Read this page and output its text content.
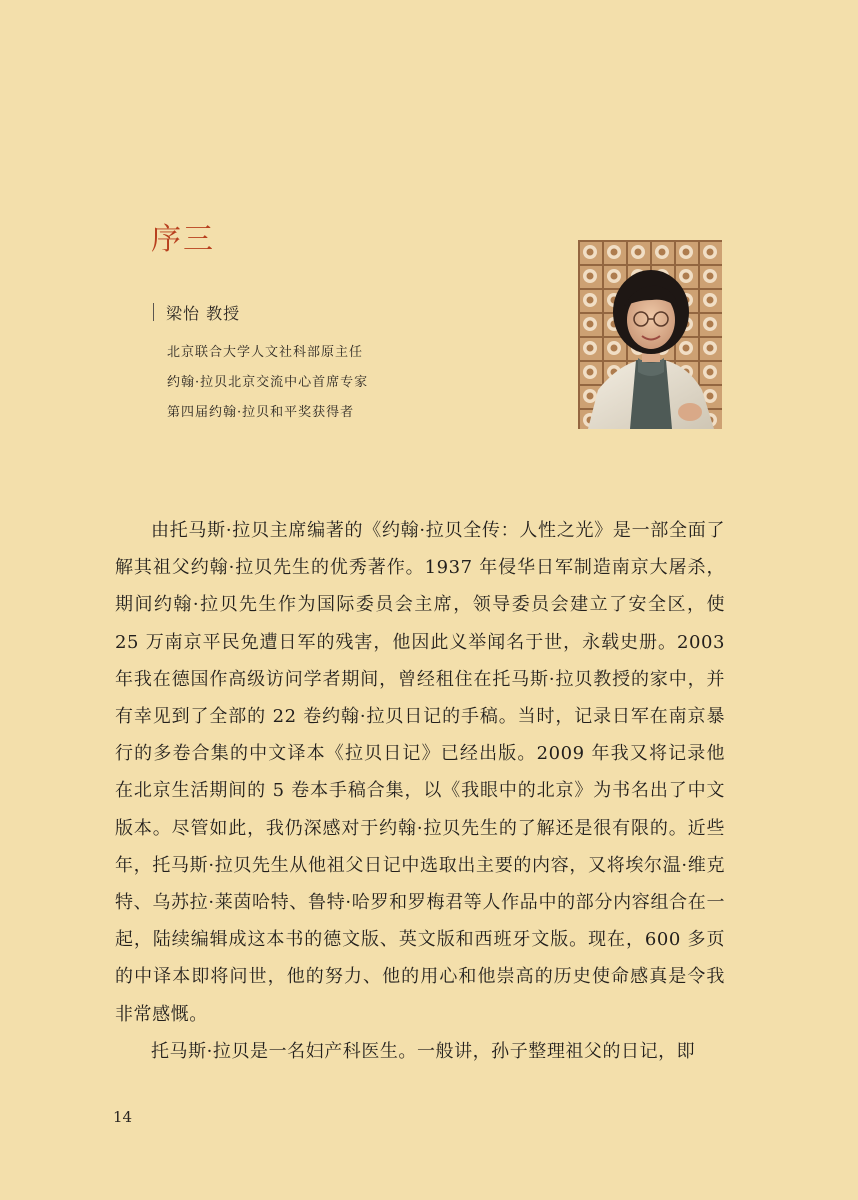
序三
梁怡 教授
北京联合大学人文社科部原主任
约翰·拉贝北京交流中心首席专家
第四届约翰·拉贝和平奖获得者

由托马斯·拉贝主席编著的《约翰·拉贝全传：人性之光》是一部全面了解其祖父约翰·拉贝先生的优秀著作。1937 年侵华日军制造南京大屠杀，期间约翰·拉贝先生作为国际委员会主席，领导委员会建立了安全区，使 25 万南京平民免遭日军的残害，他因此义举闻名于世，永载史册。2003 年我在德国作高级访问学者期间，曾经租住在托马斯·拉贝教授的家中，并有幸见到了全部的 22 卷约翰·拉贝日记的手稿。当时，记录日军在南京暴行的多卷合集的中文译本《拉贝日记》已经出版。2009 年我又将记录他在北京生活期间的 5 卷本手稿合集，以《我眼中的北京》为书名出了中文版本。尽管如此，我仍深感对于约翰·拉贝先生的了解还是很有限的。近些年，托马斯·拉贝先生从他祖父日记中选取出主要的内容，又将埃尔温·维克特、乌苏拉·莱茵哈特、鲁特·哈罗和罗梅君等人作品中的部分内容组合在一起，陆续编辑成这本书的德文版、英文版和西班牙文版。现在，600 多页的中译本即将问世，他的努力、他的用心和他崇高的历史使命感真是令我非常感慨。

托马斯·拉贝是一名妇产科医生。一般讲，孙子整理祖父的日记，即

14
